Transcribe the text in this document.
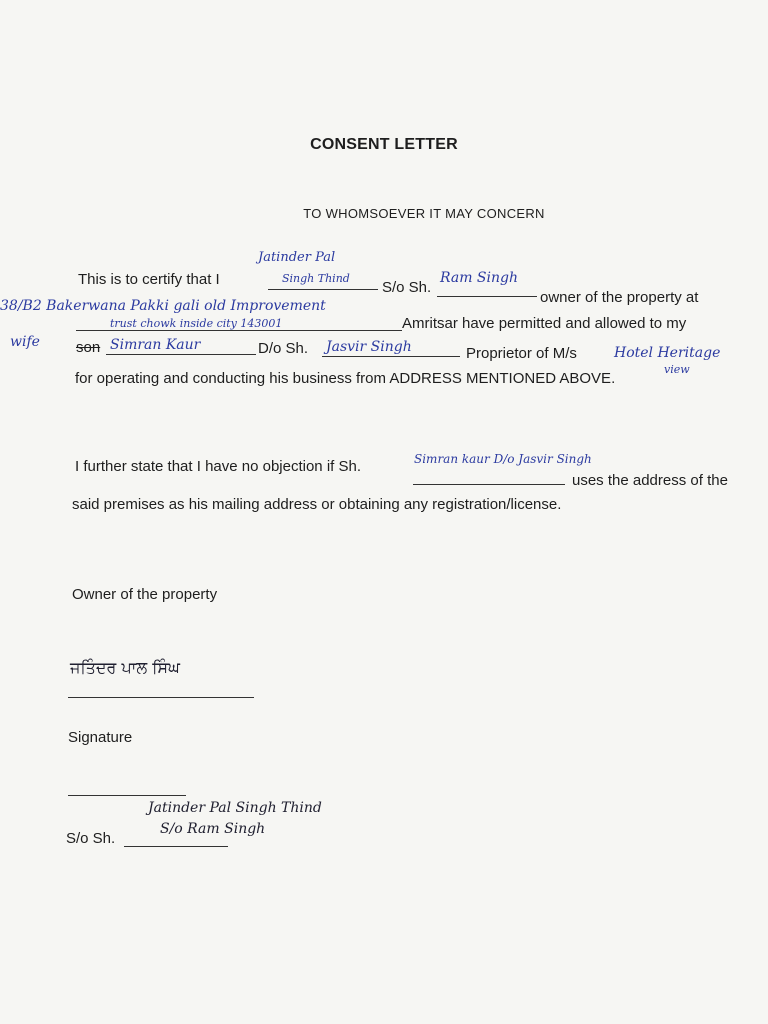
CONSENT LETTER
TO WHOMSOEVER IT MAY CONCERN
This is to certify that I
Jatinder Pal
Singh Thind
S/o Sh.
Ram Singh
owner of the property at
38/B2 Bakerwana Pakki gali old Improvement
trust chowk inside city 143001	Amritsar have permitted and allowed to my
wife son Simran Kaur	D/o Sh. Jasvir Singh	Proprietor of M/s	Hotel Heritage
view
for operating and conducting his business from ADDRESS MENTIONED ABOVE.
I further state that I have no objection if Sh.	Simran kaur D/o Jasvir Singh
uses the address of the
said premises as his mailing address or obtaining any registration/license.
Owner of the property
ਜਤਿੰਦਰ ਪਾਲ ਸਿੰਘ
Signature
Jatinder Pal Singh Thind
S/o Sh.
S/o Ram Singh
